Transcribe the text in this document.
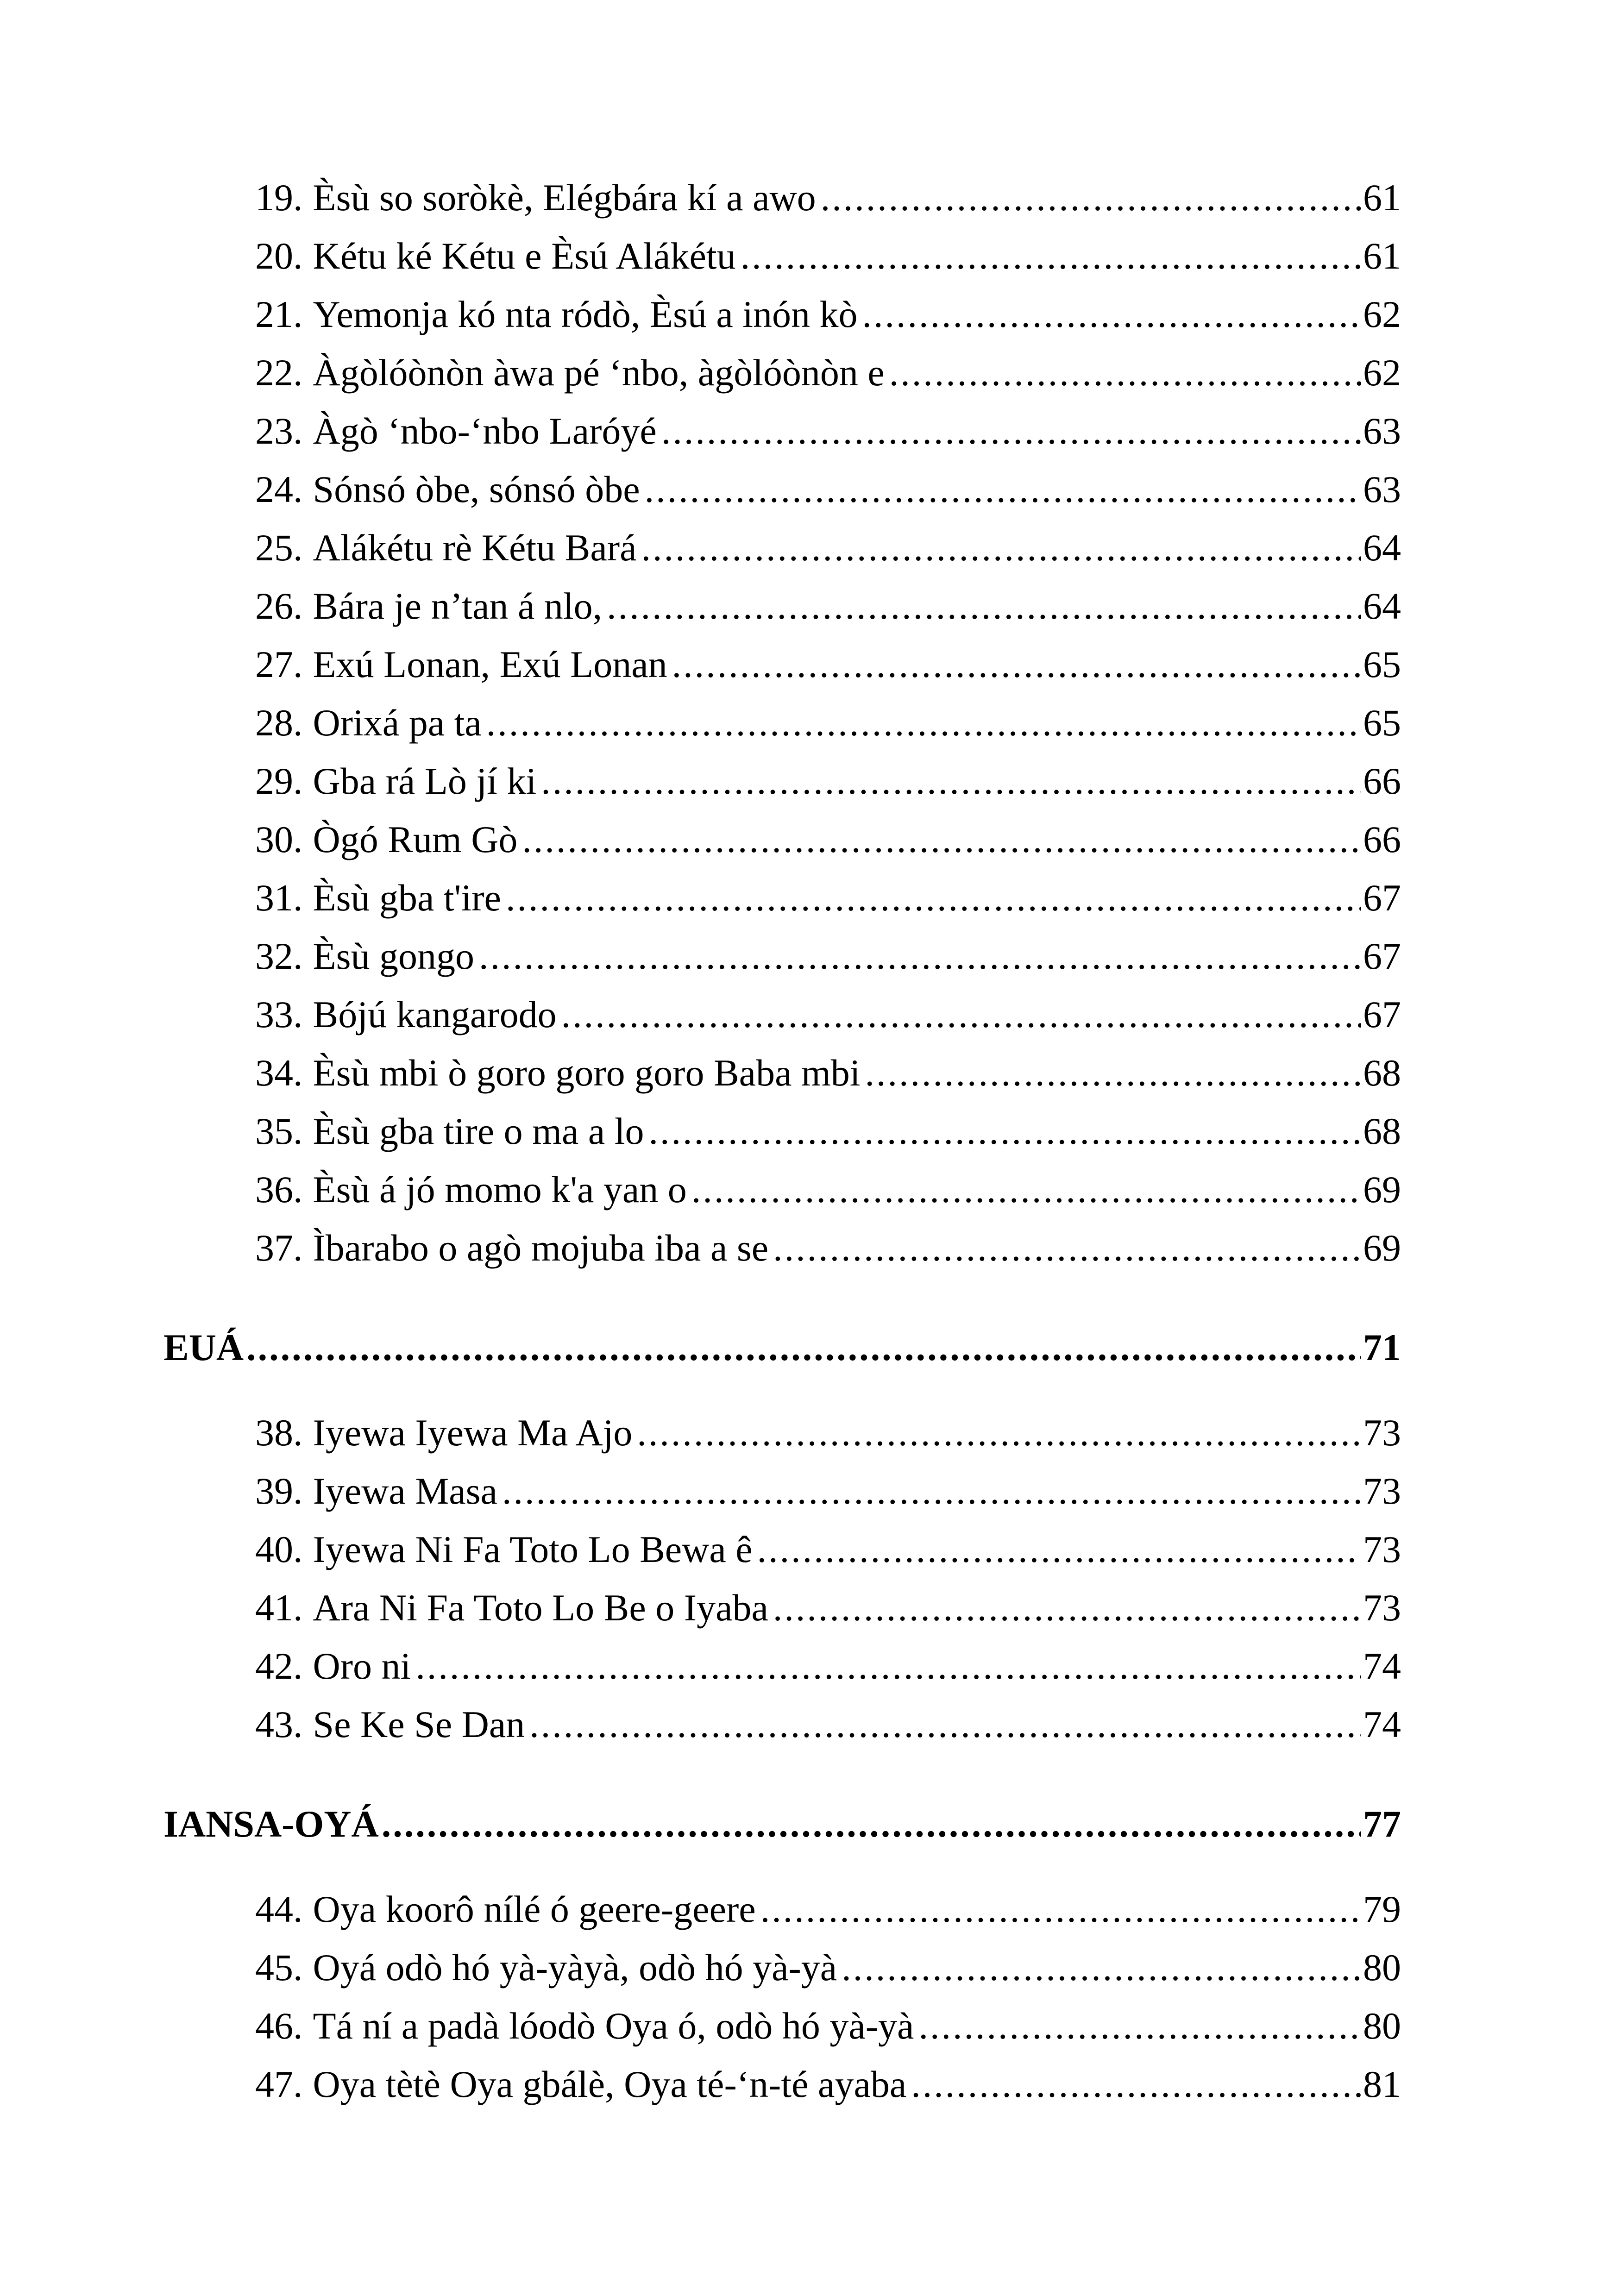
19. Èsù so soròkè, Elégbára kí a awo .....	61
20. Kétu ké Kétu e Èsú Alákétu .....	61
21. Yemonja kó nta ródò, Èsú a inón kò .....	62
22. Àgòlóònòn àwa pé ‘nbo, àgòlóònòn e .....	62
23. Àgò ‘nbo-‘nbo Laróyé .....	63
24. Sónsó òbe, sónsó òbe .....	63
25. Alákétu rè Kétu Bará .....	64
26. Bára je n’tan á nlo, .....	64
27. Exú Lonan, Exú Lonan .....	65
28. Orixá pa ta .....	65
29. Gba rá Lò jí ki .....	66
30. Ògó Rum Gò .....	66
31. Èsù gba t'ire .....	67
32. Èsù gongo .....	67
33. Bójú kangarodo .....	67
34. Èsù mbi ò goro goro goro Baba mbi .....	68
35. Èsù gba tire o ma a lo .....	68
36. Èsù á jó momo k'a yan o .....	69
37. Ìbarabo o agò mojuba iba a se .....	69
EUÁ .....	71
38. Iyewa Iyewa Ma Ajo .....	73
39. Iyewa Masa .....	73
40. Iyewa Ni Fa Toto Lo Bewa ê .....	73
41. Ara Ni Fa Toto Lo Be o Iyaba .....	73
42. Oro ni .....	74
43. Se Ke Se Dan .....	74
IANSA-OYÁ .....	77
44. Oya koorô nílé ó geere-geere .....	79
45. Oyá odò hó yà-yàyà, odò hó yà-yà .....	80
46. Tá ní a padà lóodò Oya ó, odò hó yà-yà .....	80
47. Oya tètè Oya gbálè, Oya té-‘n-té ayaba .....	81
